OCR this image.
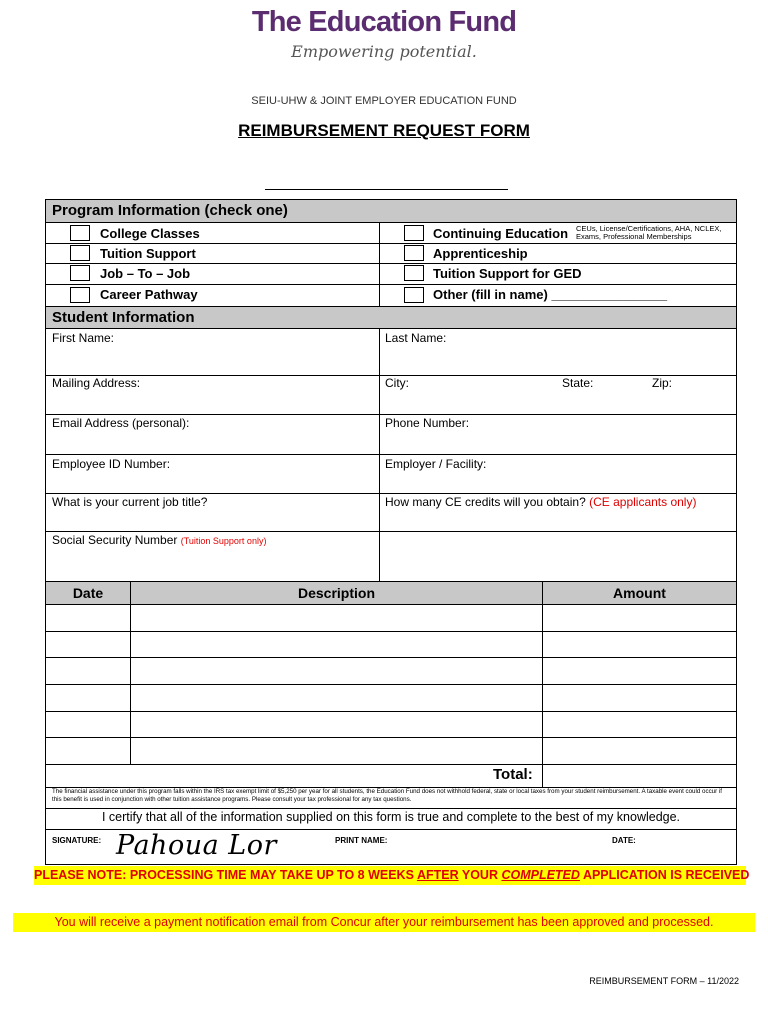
The Education Fund
Empowering potential.
SEIU-UHW & JOINT EMPLOYER EDUCATION FUND
REIMBURSEMENT REQUEST FORM
Program Information (check one)
College Classes
Tuition Support
Job – To – Job
Career Pathway
Continuing Education CEUs, License/Certifications, AHA, NCLEX, Exams, Professional Memberships
Apprenticeship
Tuition Support for GED
Other (fill in name) ________________
Student Information
First Name:	Last Name:
Mailing Address:	City:	State:	Zip:
Email Address (personal):	Phone Number:
Employee ID Number:	Employer / Facility:
What is your current job title?	How many CE credits will you obtain? (CE applicants only)
Social Security Number (Tuition Support only)
Date	Description	Amount
Total:
The financial assistance under this program falls within the IRS tax exempt limit of $5,250 per year for all students, the Education Fund does not withhold federal, state or local taxes from your student reimbursement. A taxable event could occur if this benefit is used in conjunction with other tuition assistance programs. Please consult your tax professional for any tax questions.
I certify that all of the information supplied on this form is true and complete to the best of my knowledge.
SIGNATURE: Pahoua Lor	PRINT NAME:	DATE:
PLEASE NOTE: PROCESSING TIME MAY TAKE UP TO 8 WEEKS AFTER YOUR COMPLETED APPLICATION IS RECEIVED
You will receive a payment notification email from Concur after your reimbursement has been approved and processed.
REIMBURSEMENT FORM – 11/2022
